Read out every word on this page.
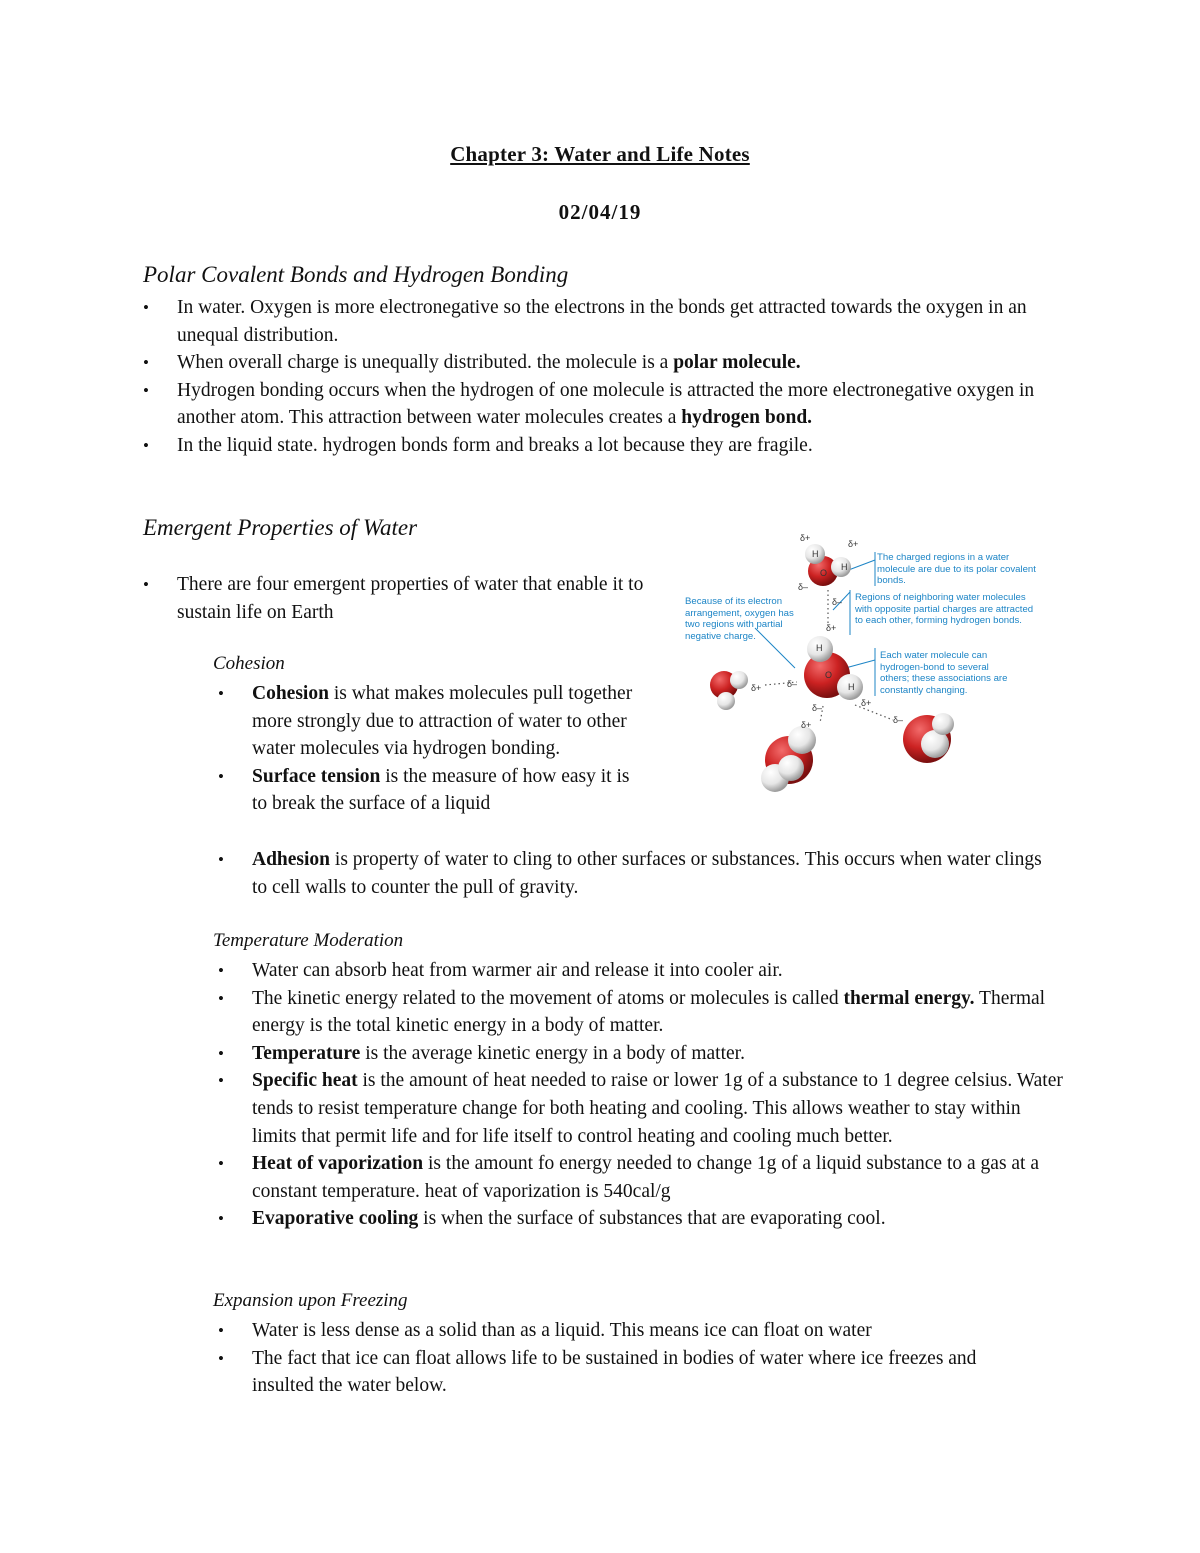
Chapter 3: Water and Life Notes
02/04/19
Polar Covalent Bonds and Hydrogen Bonding
• In water. Oxygen is more electronegative so the electrons in the bonds get attracted towards the oxygen in an unequal distribution.
• When overall charge is unequally distributed. the molecule is a polar molecule.
• Hydrogen bonding occurs when the hydrogen of one molecule is attracted the more electronegative oxygen in another atom. This attraction between water molecules creates a hydrogen bond.
• In the liquid state. hydrogen bonds form and breaks a lot because they are fragile.
Emergent Properties of Water
• There are four emergent properties of water that enable it to sustain life on Earth
Cohesion
• Cohesion is what makes molecules pull together more strongly due to attraction of water to other water molecules via hydrogen bonding.
• Surface tension is the measure of how easy it is to break the surface of a liquid
• Adhesion is property of water to cling to other surfaces or substances. This occurs when water clings to cell walls to counter the pull of gravity.
Temperature Moderation
• Water can absorb heat from warmer air and release it into cooler air.
• The kinetic energy related to the movement of atoms or molecules is called thermal energy. Thermal energy is the total kinetic energy in a body of matter.
• Temperature is the average kinetic energy in a body of matter.
• Specific heat is the amount of heat needed to raise or lower 1g of a substance to 1 degree celsius. Water tends to resist temperature change for both heating and cooling. This allows weather to stay within limits that permit life and for life itself to control heating and cooling much better.
• Heat of vaporization is the amount fo energy needed to change 1g of a liquid substance to a gas at a constant temperature. heat of vaporization is 540cal/g
• Evaporative cooling is when the surface of substances that are evaporating cool.
Expansion upon Freezing
• Water is less dense as a solid than as a liquid. This means ice can float on water
• The fact that ice can float allows life to be sustained in bodies of water where ice freezes and insulted the water below.
H
H
O
H
O
H
δ+
δ+
δ–
δ–
δ+
δ+	δ–
δ–
δ+
δ+
δ–
The charged regions in a water molecule are due to its polar covalent bonds.
Because of its electron arrangement, oxygen has two regions with partial negative charge.
Regions of neighboring water molecules with opposite partial charges are attracted to each other, forming hydrogen bonds.
Each water molecule can hydrogen-bond to several others; these associations are constantly changing.
